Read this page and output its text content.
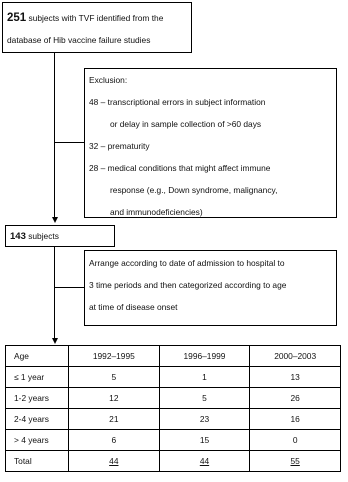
251 subjects with TVF identified from the
database of Hib vaccine failure studies
Exclusion:
48 – transcriptional errors in subject information
or delay in sample collection of >60 days
32 – prematurity
28 – medical conditions that might affect immune
response (e.g., Down syndrome, malignancy,
and immunodeficiencies)
143 subjects
Arrange according to date of admission to hospital to
3 time periods and then categorized according to age
at time of disease onset
Age	1992–1995	1996–1999	2000–2003
≤ 1 year	5	1	13
1-2 years	12	5	26
2-4 years	21	23	16
> 4 years	6	15	0
Total	44	44	55
